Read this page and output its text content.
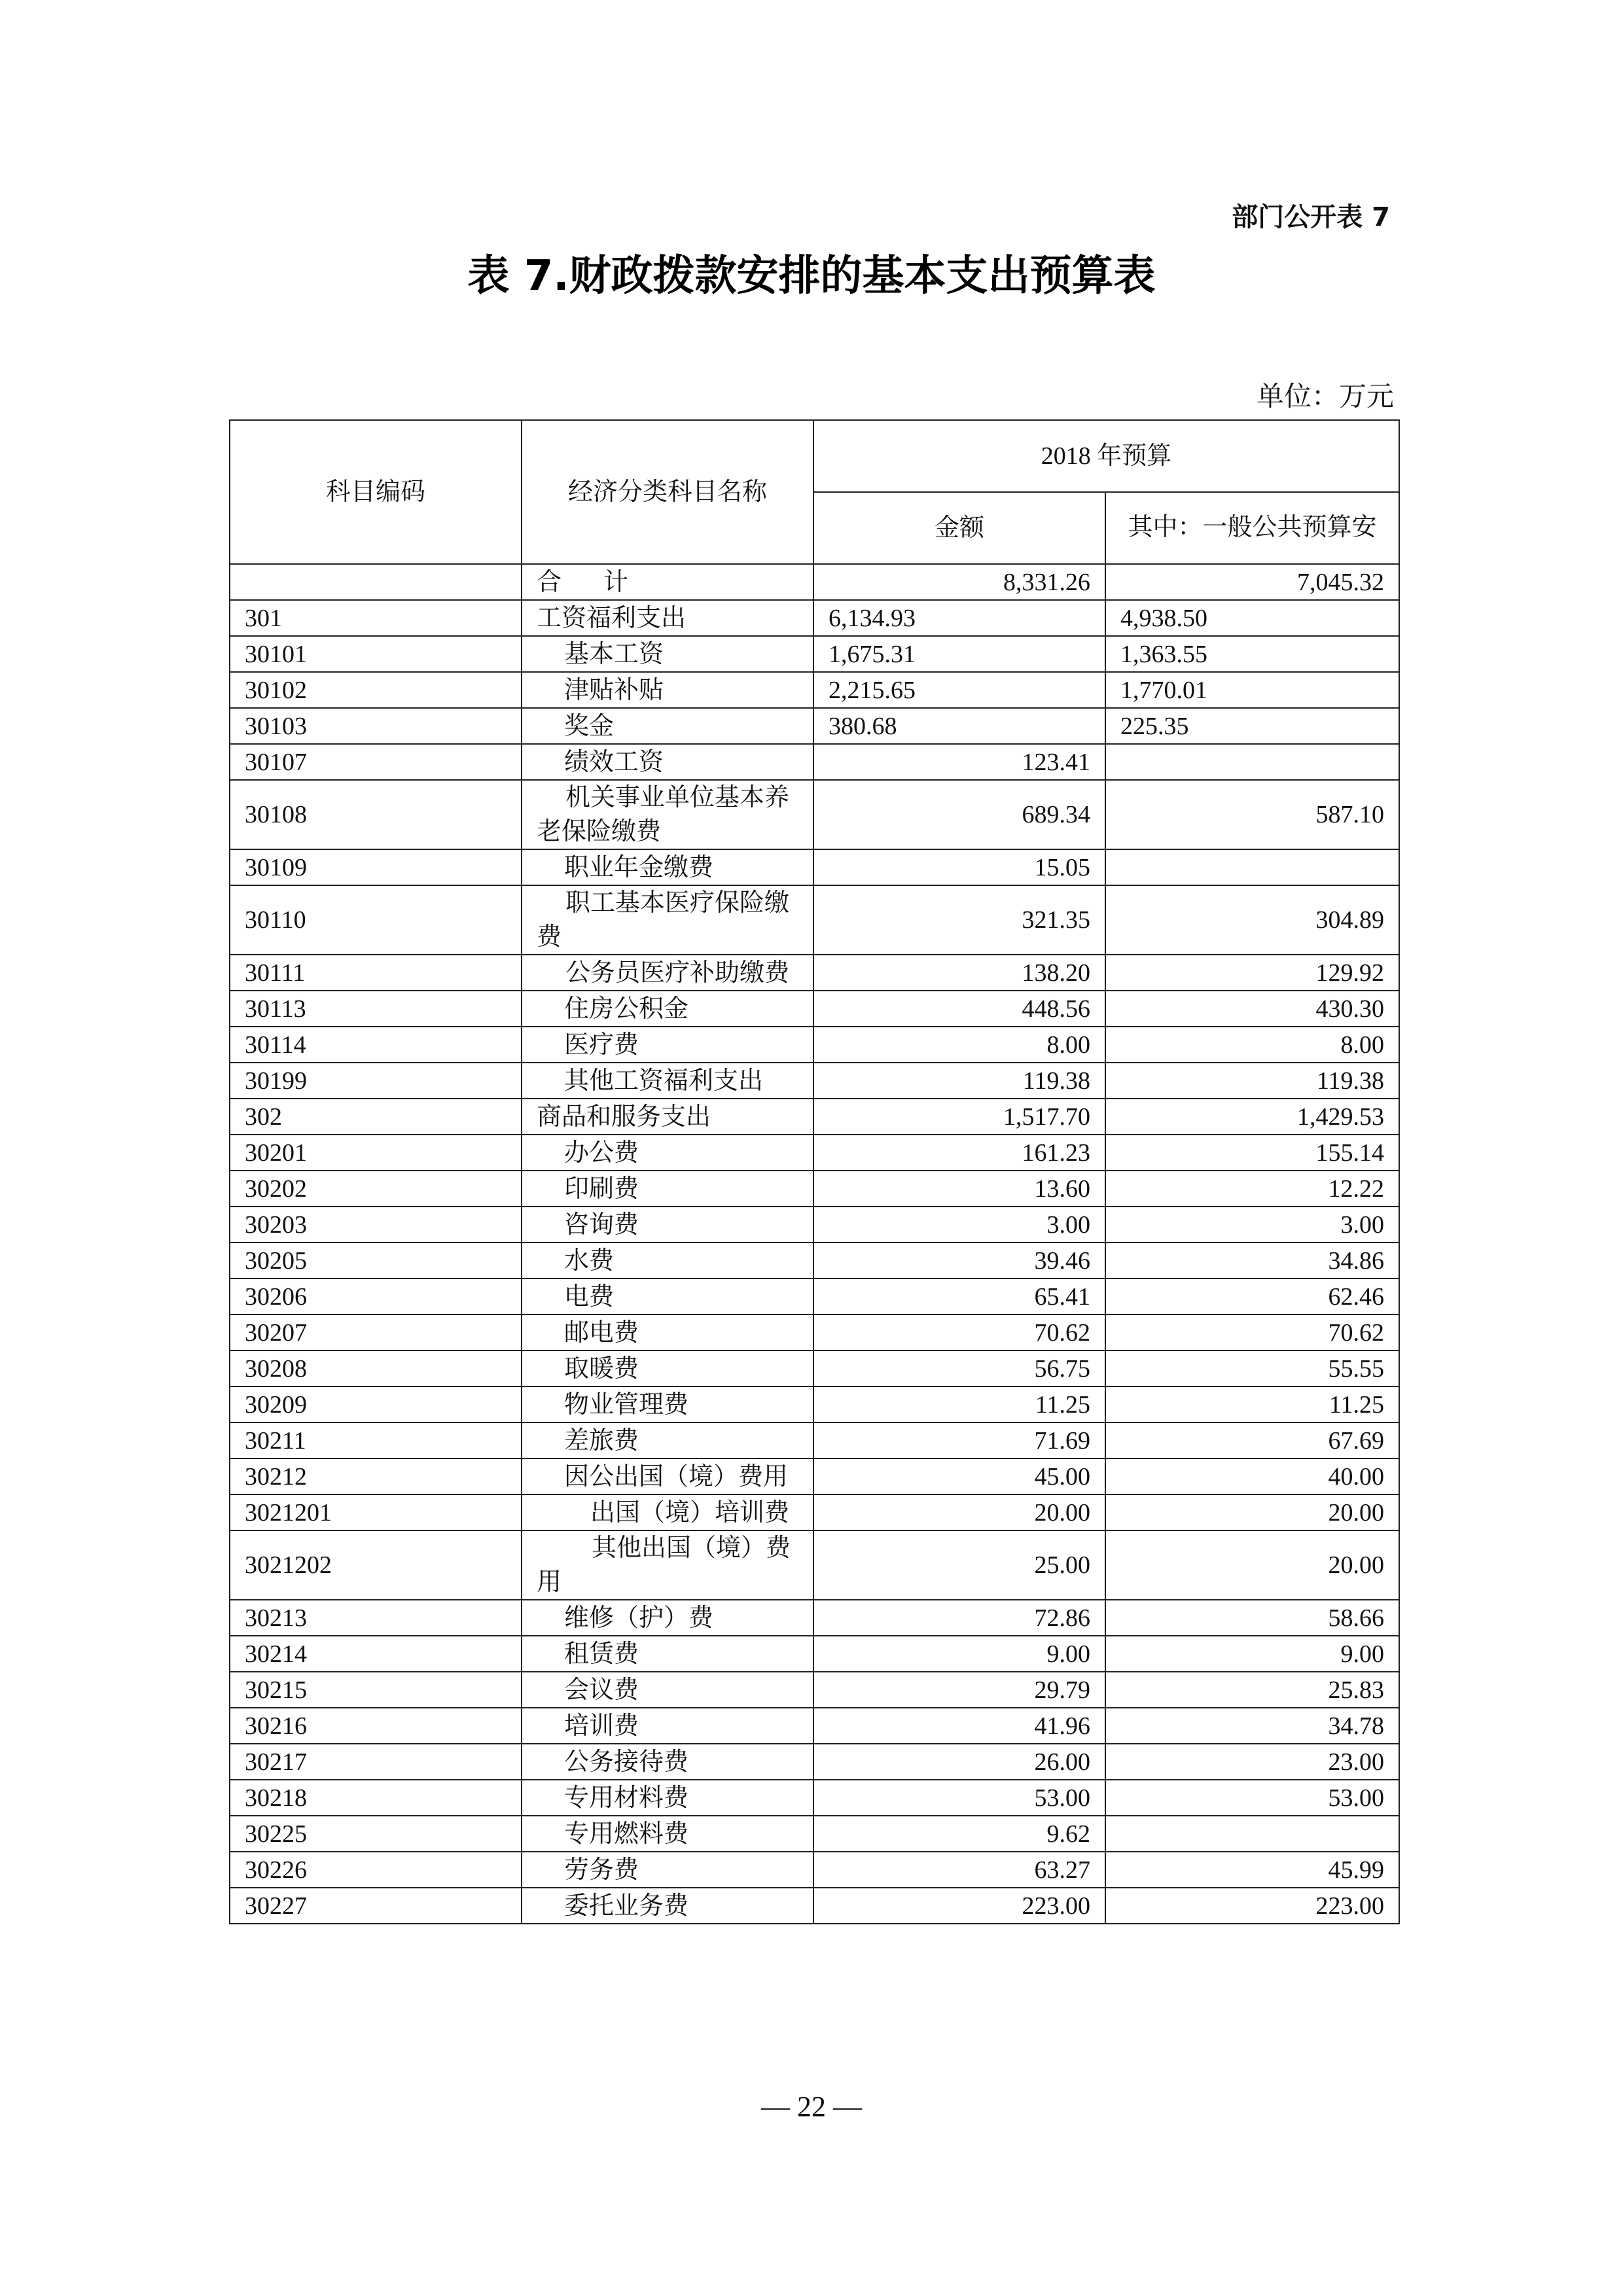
部门公开表 7
表 7.财政拨款安排的基本支出预算表
单位：万元
科目编码	经济分类科目名称	2018 年预算	
		金额	其中：一般公共预算安

	合 计	8,331.26	7,045.32
301	工资福利支出	6,134.93	4,938.50
30101	基本工资	1,675.31	1,363.55
30102	津贴补贴	2,215.65	1,770.01
30103	奖金	380.68	225.35
30107	绩效工资	123.41	
30108	机关事业单位基本养老保险缴费	689.34	587.10
30109	职业年金缴费	15.05	
30110	职工基本医疗保险缴费	321.35	304.89
30111	公务员医疗补助缴费	138.20	129.92
30113	住房公积金	448.56	430.30
30114	医疗费	8.00	8.00
30199	其他工资福利支出	119.38	119.38
302	商品和服务支出	1,517.70	1,429.53
30201	办公费	161.23	155.14
30202	印刷费	13.60	12.22
30203	咨询费	3.00	3.00
30205	水费	39.46	34.86
30206	电费	65.41	62.46
30207	邮电费	70.62	70.62
30208	取暖费	56.75	55.55
30209	物业管理费	11.25	11.25
30211	差旅费	71.69	67.69
30212	因公出国（境）费用	45.00	40.00
3021201	出国（境）培训费	20.00	20.00
3021202	其他出国（境）费用	25.00	20.00
30213	维修（护）费	72.86	58.66
30214	租赁费	9.00	9.00
30215	会议费	29.79	25.83
30216	培训费	41.96	34.78
30217	公务接待费	26.00	23.00
30218	专用材料费	53.00	53.00
30225	专用燃料费	9.62	
30226	劳务费	63.27	45.99
30227	委托业务费	223.00	223.00
— 22 —
